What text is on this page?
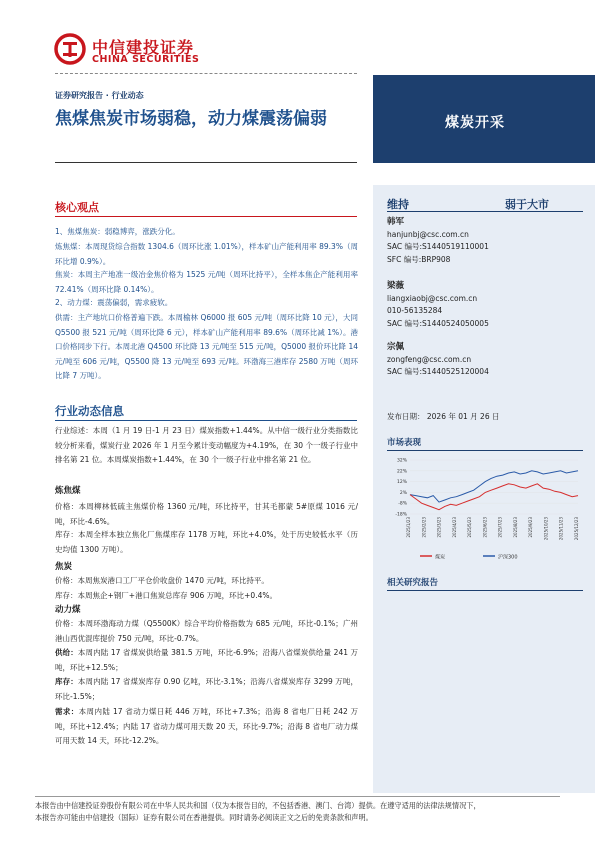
中信建投证券
CHINA SECURITIES
证券研究报告 · 行业动态
焦煤焦炭市场弱稳，动力煤震荡偏弱	煤炭开采
维持	弱于大市
韩军
hanjunbj@csc.com.cn
SAC 编号:S1440519110001
SFC 编号:BRP908
梁薇
liangxiaobj@csc.com.cn
010-56135284
SAC 编号:S1440524050005
宗佩
zongfeng@csc.com.cn
SAC 编号:S1440525120004
发布日期： 2026 年 01 月 26 日
市场表现
32%
22%
12%
2%
-8%
-18%
2025/1/23	2025/2/23	2025/3/23	2025/4/23	2025/5/23	2025/6/23	2025/7/23	2025/8/23	2025/9/23	2025/10/23	2025/11/23	2025/12/23
煤炭	沪深300
相关研究报告
核心观点
1、焦煤焦炭：弱稳博弈，涨跌分化。
炼焦煤：本周现货综合指数 1304.6（周环比涨 1.01%），样本矿山产能利用率 89.3%（周环比增 0.9%）。
焦炭：本周主产地准一级冶金焦价格为 1525 元/吨（周环比持平），全样本焦企产能利用率 72.41%（周环比降 0.14%）。
2、动力煤：震荡偏弱，需求疲软。
供需：主产地坑口价格普遍下跌。本周榆林 Q6000 报 605 元/吨（周环比降 10 元），大同 Q5500 报 521 元/吨（周环比降 6 元），样本矿山产能利用率 89.6%（周环比减 1%）。港口价格同步下行。本周北港 Q4500 环比降 13 元/吨至 515 元/吨，Q5000 报价环比降 14 元/吨至 606 元/吨，Q5500 降 13 元/吨至 693 元/吨。环渤海三港库存 2580 万吨（周环比降 7 万吨）。
行业动态信息
行业综述：本周（1 月 19 日-1 月 23 日）煤炭指数+1.44%。从中信一级行业分类指数比较分析来看，煤炭行业 2026 年 1 月至今累计变动幅度为+4.19%，在 30 个一级子行业中排名第 21 位。本周煤炭指数+1.44%，在 30 个一级子行业中排名第 21 位。
炼焦煤
价格：本周柳林低硫主焦煤价格 1360 元/吨，环比持平，甘其毛都蒙 5#原煤 1016 元/吨，环比-4.6%。
库存：本周全样本独立焦化厂焦煤库存 1178 万吨，环比+4.0%，处于历史较低水平（历史均值 1300 万吨）。
焦炭
价格：本周焦炭港口工厂平仓价收盘价 1470 元/吨，环比持平。
库存：本周焦企+钢厂+港口焦炭总库存 906 万吨，环比+0.4%。
动力煤
价格：本周环渤海动力煤（Q5500K）综合平均价格指数为 685 元/吨，环比-0.1%；广州港山西优混库提价 750 元/吨，环比-0.7%。
供给：本周内陆 17 省煤炭供给量 381.5 万吨，环比-6.9%；沿海八省煤炭供给量 241 万吨，环比+12.5%；
库存：本周内陆 17 省煤炭库存 0.90 亿吨，环比-3.1%；沿海八省煤炭库存 3299 万吨，环比-1.5%；
需求：本周内陆 17 省动力煤日耗 446 万吨，环比+7.3%；沿海 8 省电厂日耗 242 万吨，环比+12.4%；内陆 17 省动力煤可用天数 20 天，环比-9.7%；沿海 8 省电厂动力煤可用天数 14 天，环比-12.2%。
本报告由中信建投证券股份有限公司在中华人民共和国（仅为本报告目的，不包括香港、澳门、台湾）提供。在遵守适用的法律法规情况下，
本报告亦可能由中信建投（国际）证券有限公司在香港提供。同时请务必阅读正文之后的免责条款和声明。
